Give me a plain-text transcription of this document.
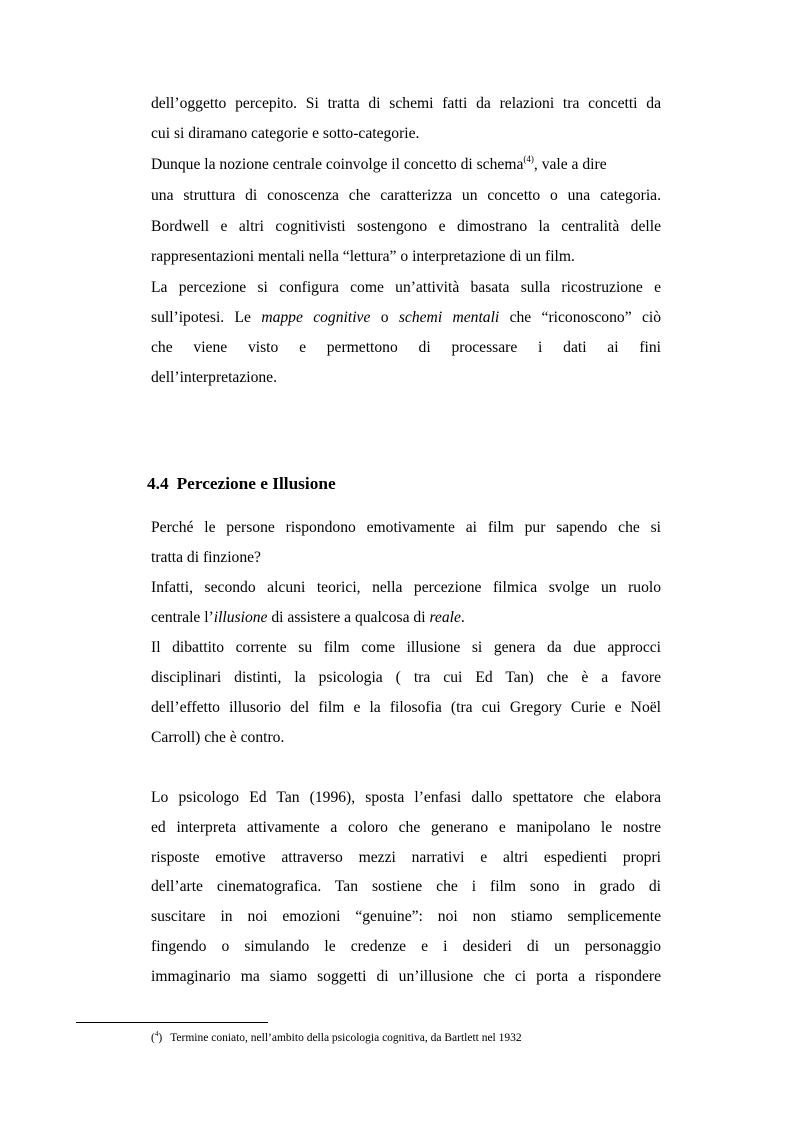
dell’oggetto percepito. Si tratta di schemi fatti da relazioni tra concetti da
cui si diramano categorie e sotto-categorie.
Dunque la nozione centrale coinvolge il concetto di schema$^{(4)}$, vale a dire
una struttura di conoscenza che caratterizza un concetto o una categoria.
Bordwell e altri cognitivisti sostengono e dimostrano la centralità delle
rappresentazioni mentali nella “lettura” o interpretazione di un film.
La percezione si configura come un’attività basata sulla ricostruzione e
sull’ipotesi. Le mappe cognitive o schemi mentali che “riconoscono” ciò
che viene visto e permettono di processare i dati ai fini
dell’interpretazione.
4.4 Percezione e Illusione
Perché le persone rispondono emotivamente ai film pur sapendo che si
tratta di finzione?
Infatti, secondo alcuni teorici, nella percezione filmica svolge un ruolo
centrale l’illusione di assistere a qualcosa di reale.
Il dibattito corrente su film come illusione si genera da due approcci
disciplinari distinti, la psicologia ( tra cui Ed Tan) che è a favore
dell’effetto illusorio del film e la filosofia (tra cui Gregory Curie e Noël
Carroll) che è contro.
Lo psicologo Ed Tan (1996), sposta l’enfasi dallo spettatore che elabora
ed interpreta attivamente a coloro che generano e manipolano le nostre
risposte emotive attraverso mezzi narrativi e altri espedienti propri
dell’arte cinematografica. Tan sostiene che i film sono in grado di
suscitare in noi emozioni “genuine”: noi non stiamo semplicemente
fingendo o simulando le credenze e i desideri di un personaggio
immaginario ma siamo soggetti di un’illusione che ci porta a rispondere
($^4$) Termine coniato, nell’ambito della psicologia cognitiva, da Bartlett nel 1932
